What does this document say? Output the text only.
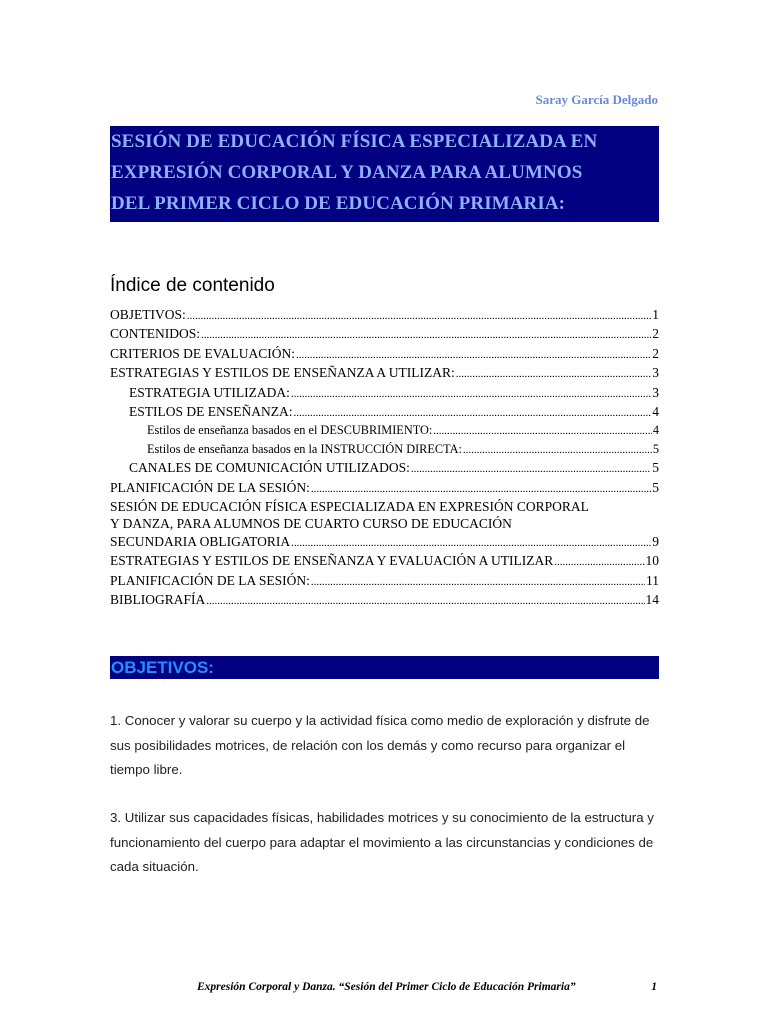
Saray García Delgado
SESIÓN DE EDUCACIÓN FÍSICA ESPECIALIZADA EN
EXPRESIÓN CORPORAL Y DANZA PARA ALUMNOS
DEL PRIMER CICLO DE EDUCACIÓN PRIMARIA:
Índice de contenido
OBJETIVOS: .....	1
CONTENIDOS: .....	2
CRITERIOS DE EVALUACIÓN: .....	2
ESTRATEGIAS Y ESTILOS DE ENSEÑANZA A UTILIZAR: .....	3
ESTRATEGIA UTILIZADA: .....	3
ESTILOS DE ENSEÑANZA: .....	4
Estilos de enseñanza basados en el DESCUBRIMIENTO: .....	4
Estilos de enseñanza basados en la INSTRUCCIÓN DIRECTA: .....	5
CANALES DE COMUNICACIÓN UTILIZADOS: .....	5
PLANIFICACIÓN DE LA SESIÓN: .....	5
SESIÓN DE EDUCACIÓN FÍSICA ESPECIALIZADA EN EXPRESIÓN CORPORAL
Y DANZA, PARA ALUMNOS DE CUARTO CURSO DE EDUCACIÓN
SECUNDARIA OBLIGATORIA .....	9
ESTRATEGIAS Y ESTILOS DE ENSEÑANZA Y EVALUACIÓN A UTILIZAR .....	10
PLANIFICACIÓN DE LA SESIÓN: .....	11
BIBLIOGRAFÍA .....	14
OBJETIVOS:
1. Conocer y valorar su cuerpo y la actividad física como medio de exploración y disfrute de sus posibilidades motrices, de relación con los demás y como recurso para organizar el tiempo libre.
3. Utilizar sus capacidades físicas, habilidades motrices y su conocimiento de la estructura y funcionamiento del cuerpo para adaptar el movimiento a las circunstancias y condiciones de cada situación.
Expresión Corporal y Danza. “Sesión del Primer Ciclo de Educación Primaria”	1
